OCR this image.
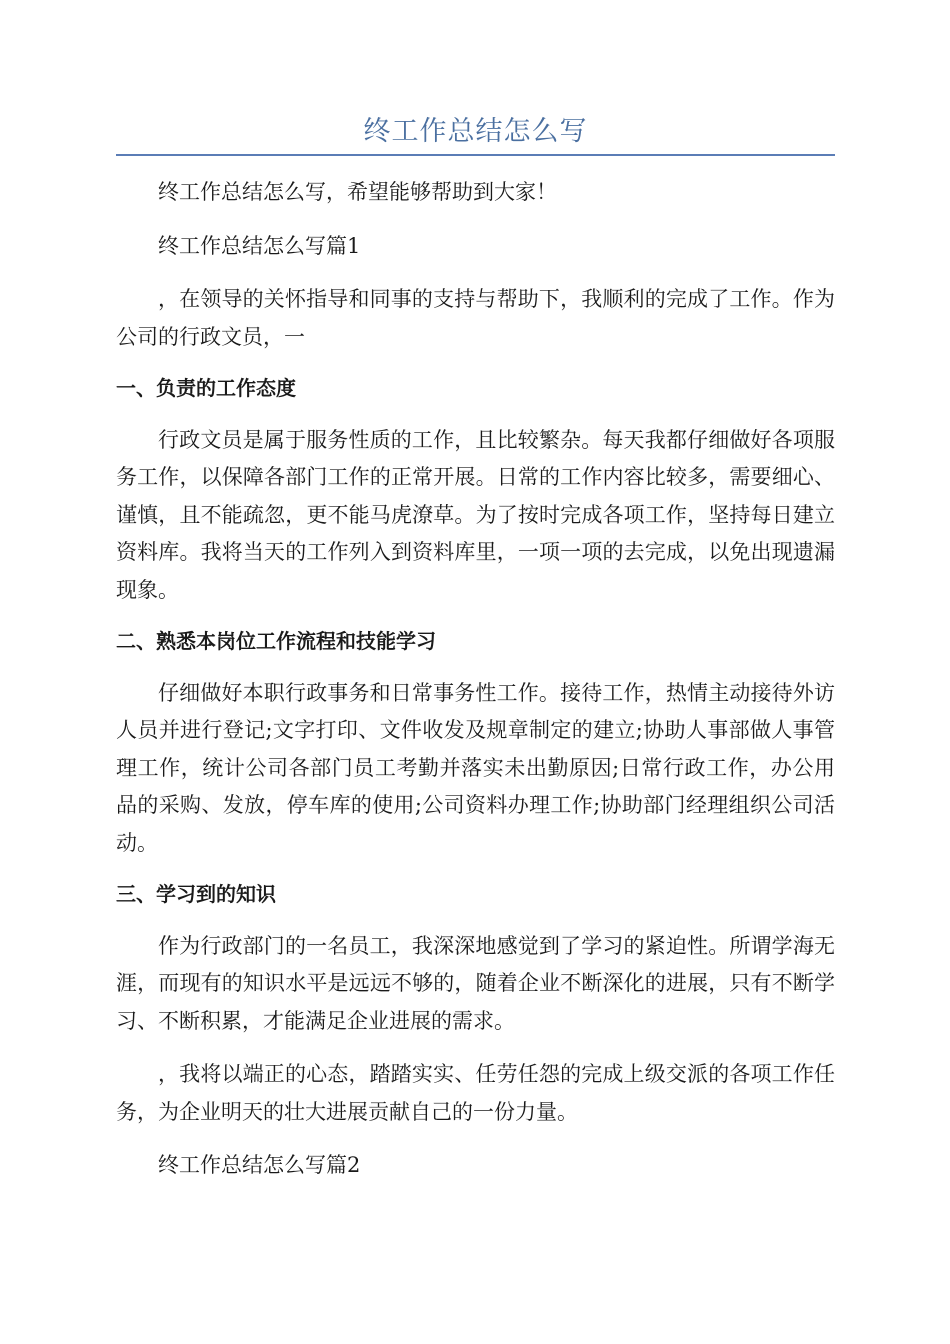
终工作总结怎么写

终工作总结怎么写，希望能够帮助到大家！

终工作总结怎么写篇1

，在领导的关怀指导和同事的支持与帮助下，我顺利的完成了工作。作为公司的行政文员，一

一、负责的工作态度

行政文员是属于服务性质的工作，且比较繁杂。每天我都仔细做好各项服务工作，以保障各部门工作的正常开展。日常的工作内容比较多，需要细心、谨慎，且不能疏忽，更不能马虎潦草。为了按时完成各项工作，坚持每日建立资料库。我将当天的工作列入到资料库里，一项一项的去完成，以免出现遗漏现象。

二、熟悉本岗位工作流程和技能学习

仔细做好本职行政事务和日常事务性工作。接待工作，热情主动接待外访人员并进行登记;文字打印、文件收发及规章制定的建立;协助人事部做人事管理工作，统计公司各部门员工考勤并落实未出勤原因;日常行政工作，办公用品的采购、发放，停车库的使用;公司资料办理工作;协助部门经理组织公司活动。

三、学习到的知识

作为行政部门的一名员工，我深深地感觉到了学习的紧迫性。所谓学海无涯，而现有的知识水平是远远不够的，随着企业不断深化的进展，只有不断学习、不断积累，才能满足企业进展的需求。

，我将以端正的心态，踏踏实实、任劳任怨的完成上级交派的各项工作任务，为企业明天的壮大进展贡献自己的一份力量。

终工作总结怎么写篇2
